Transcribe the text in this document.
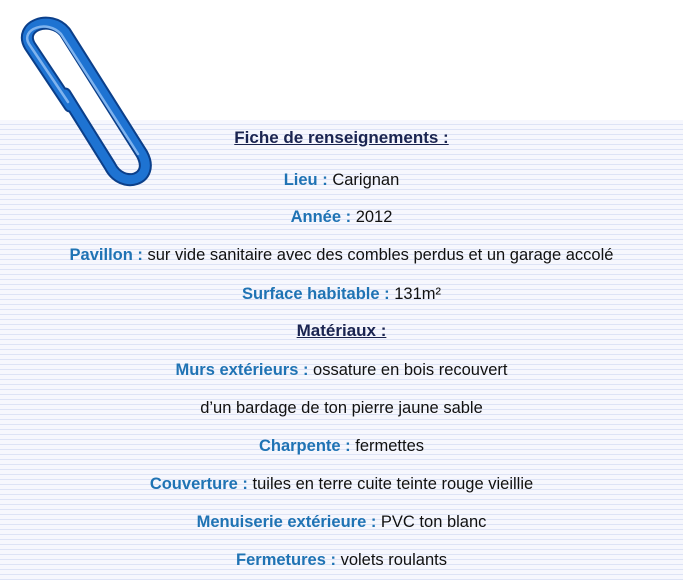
Fiche de renseignements :
Lieu : Carignan
Année : 2012
Pavillon : sur vide sanitaire avec des combles perdus et un garage accolé
Surface habitable : 131m²
Matériaux :
Murs extérieurs : ossature en bois recouvert
d’un bardage de ton pierre jaune sable
Charpente : fermettes
Couverture : tuiles en terre cuite teinte rouge vieillie
Menuiserie extérieure : PVC ton blanc
Fermetures : volets roulants
